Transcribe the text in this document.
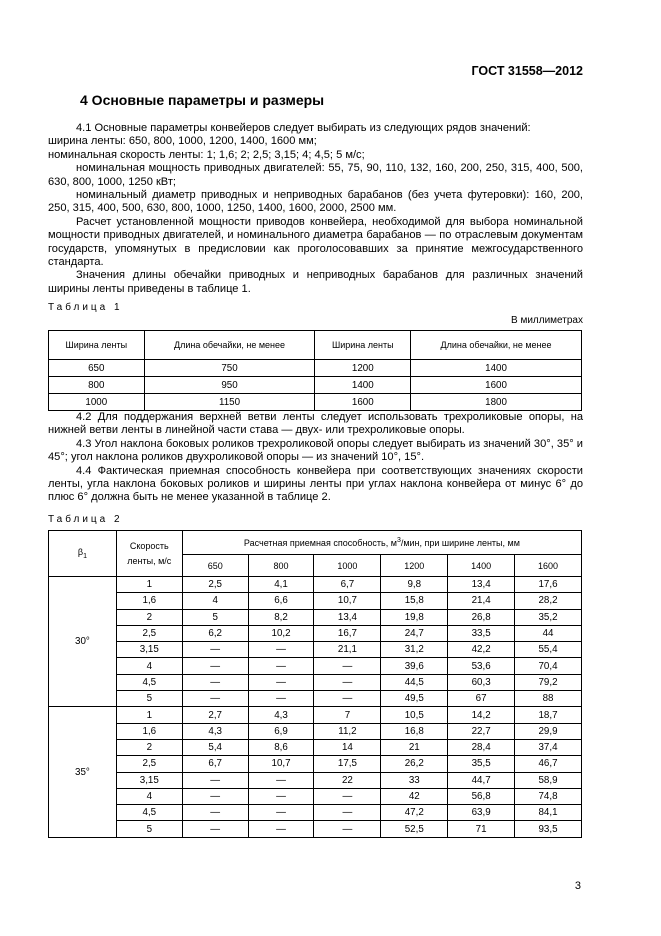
ГОСТ 31558—2012
4 Основные параметры и размеры

4.1 Основные параметры конвейеров следует выбирать из следующих рядов значений:

ширина ленты: 650, 800, 1000, 1200, 1400, 1600 мм;

номинальная скорость ленты: 1; 1,6; 2; 2,5; 3,15; 4; 4,5; 5 м/с;

номинальная мощность приводных двигателей: 55, 75, 90, 110, 132, 160, 200, 250, 315, 400, 500, 630, 800, 1000, 1250 кВт;

номинальный диаметр приводных и неприводных барабанов (без учета футеровки): 160, 200, 250, 315, 400, 500, 630, 800, 1000, 1250, 1400, 1600, 2000, 2500 мм.

Расчет установленной мощности приводов конвейера, необходимой для выбора номинальной мощности приводных двигателей, и номинального диаметра барабанов — по отраслевым документам государств, упомянутых в предисловии как проголосовавших за принятие межгосударственного стандарта.

Значения длины обечайки приводных и неприводных барабанов для различных значений ширины ленты приведены в таблице 1.

Таблица 1
В миллиметрах
Ширина ленты	Длина обечайки, не менее	Ширина ленты	Длина обечайки, не менее
650	750	1200	1400
800	950	1400	1600
1000	1150	1600	1800

4.2 Для поддержания верхней ветви ленты следует использовать трехроликовые опоры, на нижней ветви ленты в линейной части става — двух- или трехроликовые опоры.

4.3 Угол наклона боковых роликов трехроликовой опоры следует выбирать из значений 30°, 35° и 45°; угол наклона роликов двухроликовой опоры — из значений 10°, 15°.

4.4 Фактическая приемная способность конвейера при соответствующих значениях скорости ленты, угла наклона боковых роликов и ширины ленты при углах наклона конвейера от минус 6° до плюс 6° должна быть не менее указанной в таблице 2.

Таблица 2
$\beta_1$	Скорость ленты, м/с	Расчетная приемная способность, $м^3$/мин, при ширине ленты, мм					
		650	800	1000	1200	1400	1600
30°	1	2,5	4,1	6,7	9,8	13,4	17,6
	1,6	4	6,6	10,7	15,8	21,4	28,2
	2	5	8,2	13,4	19,8	26,8	35,2
	2,5	6,2	10,2	16,7	24,7	33,5	44
	3,15	—	—	21,1	31,2	42,2	55,4
	4	—	—	—	39,6	53,6	70,4
	4,5	—	—	—	44,5	60,3	79,2
	5	—	—	—	49,5	67	88
35°	1	2,7	4,3	7	10,5	14,2	18,7
	1,6	4,3	6,9	11,2	16,8	22,7	29,9
	2	5,4	8,6	14	21	28,4	37,4
	2,5	6,7	10,7	17,5	26,2	35,5	46,7
	3,15	—	—	22	33	44,7	58,9
	4	—	—	—	42	56,8	74,8
	4,5	—	—	—	47,2	63,9	84,1
	5	—	—	—	52,5	71	93,5
3
